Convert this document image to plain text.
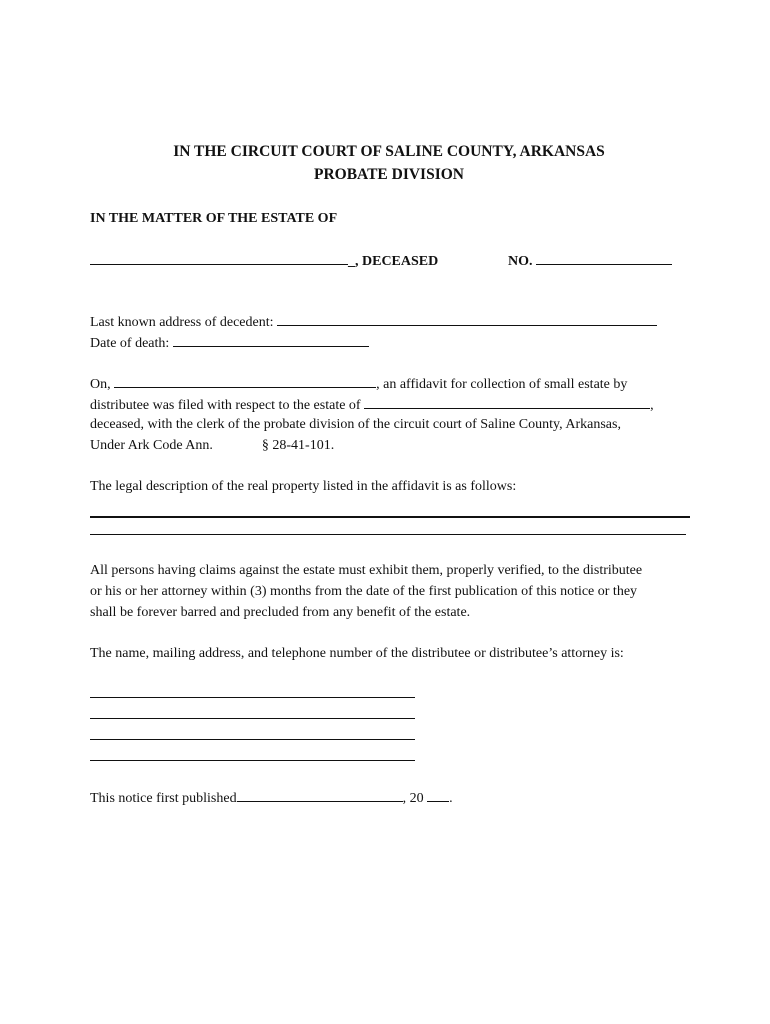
IN THE CIRCUIT COURT OF SALINE COUNTY, ARKANSAS
PROBATE DIVISION
IN THE MATTER OF THE ESTATE OF
_, DECEASED	NO.
Last known address of decedent:
Date of death:
On,	, an affidavit for collection of small estate by
distributee was filed with respect to the estate of	,
deceased, with the clerk of the probate division of the circuit court of Saline County, Arkansas,
Under Ark Code Ann.	§ 28-41-101.
The legal description of the real property listed in the affidavit is as follows:
All persons having claims against the estate must exhibit them, properly verified, to the distributee
or his or her attorney within (3) months from the date of the first publication of this notice or they
shall be forever barred and precluded from any benefit of the estate.
The name, mailing address, and telephone number of the distributee or distributee’s attorney is:
This notice first published	, 20 .
